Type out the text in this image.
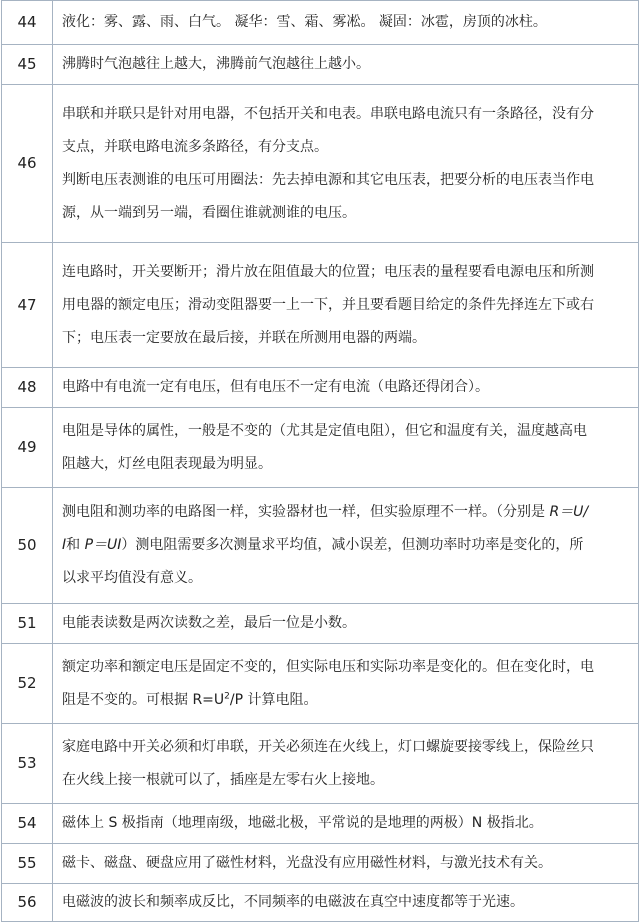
44	液化：雾、露、雨、白气。 凝华：雪、霜、雾凇。 凝固：冰雹，房顶的冰柱。

45	沸腾时气泡越往上越大，沸腾前气泡越往上越小。

46	串联和并联只是针对用电器，不包括开关和电表。串联电路电流只有一条路径，没有分
支点，并联电路电流多条路径，有分支点。
判断电压表测谁的电压可用圈法：先去掉电源和其它电压表，把要分析的电压表当作电
源，从一端到另一端，看圈住谁就测谁的电压。

47	连电路时，开关要断开；滑片放在阻值最大的位置；电压表的量程要看电源电压和所测
用电器的额定电压；滑动变阻器要一上一下，并且要看题目给定的条件先择连左下或右
下；电压表一定要放在最后接，并联在所测用电器的两端。

48	电路中有电流一定有电压，但有电压不一定有电流（电路还得闭合）。

49	电阻是导体的属性，一般是不变的（尤其是定值电阻），但它和温度有关，温度越高电
阻越大，灯丝电阻表现最为明显。

50	测电阻和测功率的电路图一样，实验器材也一样，但实验原理不一样。（分别是 R＝U/
I和 P＝UI）测电阻需要多次测量求平均值，减小误差，但测功率时功率是变化的，所
以求平均值没有意义。

51	电能表读数是两次读数之差，最后一位是小数。

52	额定功率和额定电压是固定不变的，但实际电压和实际功率是变化的。但在变化时，电
阻是不变的。可根据 $R=U^2/P$ 计算电阻。

53	家庭电路中开关必须和灯串联，开关必须连在火线上，灯口螺旋要接零线上，保险丝只
在火线上接一根就可以了，插座是左零右火上接地。

54	磁体上 S 极指南（地理南级，地磁北极，平常说的是地理的两极）N 极指北。

55	磁卡、磁盘、硬盘应用了磁性材料，光盘没有应用磁性材料，与激光技术有关。

56	电磁波的波长和频率成反比，不同频率的电磁波在真空中速度都等于光速。
